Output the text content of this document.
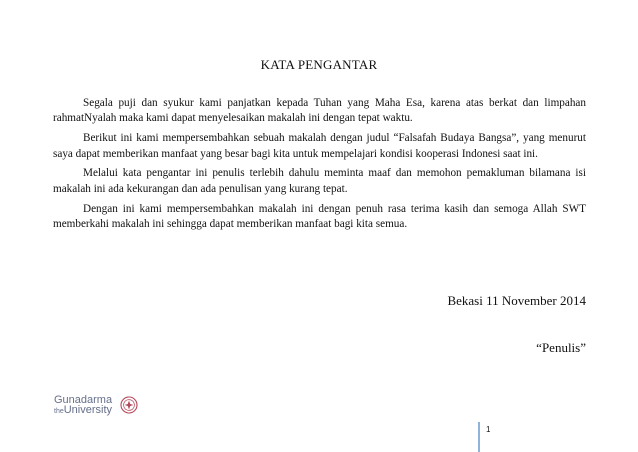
KATA PENGANTAR

Segala puji dan syukur kami panjatkan kepada Tuhan yang Maha Esa, karena atas berkat dan limpahan rahmatNyalah maka kami dapat menyelesaikan makalah ini dengan tepat waktu.

Berikut ini kami mempersembahkan sebuah makalah dengan judul “Falsafah Budaya Bangsa”, yang menurut saya dapat memberikan manfaat yang besar bagi kita untuk mempelajari kondisi kooperasi Indonesi saat ini.

Melalui kata pengantar ini penulis terlebih dahulu meminta maaf dan memohon pemakluman bilamana isi makalah ini ada kekurangan dan ada penulisan yang kurang tepat.

Dengan ini kami mempersembahkan makalah ini dengan penuh rasa terima kasih dan semoga Allah SWT memberkahi makalah ini sehingga dapat memberikan manfaat bagi kita semua.

Bekasi 11 November 2014
“Penulis”
Gunadarma
theUniversity
1
